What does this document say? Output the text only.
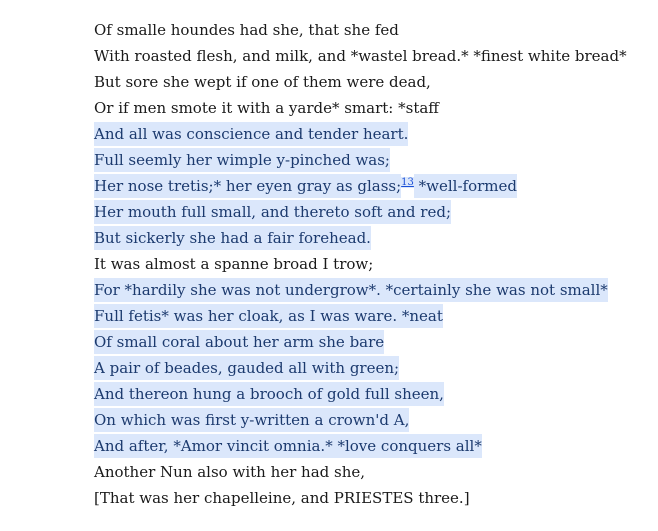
Of smalle houndes had she, that she fed
With roasted flesh, and milk, and *wastel bread.* *finest white bread*
But sore she wept if one of them were dead,
Or if men smote it with a yarde* smart: *staff
And all was conscience and tender heart.
Full seemly her wimple y-pinched was;
Her nose tretis;* her eyen gray as glass;$^{13}$ *well-formed
Her mouth full small, and thereto soft and red;
But sickerly she had a fair forehead.
It was almost a spanne broad I trow;
For *hardily she was not undergrow*. *certainly she was not small*
Full fetis* was her cloak, as I was ware. *neat
Of small coral about her arm she bare
A pair of beades, gauded all with green;
And thereon hung a brooch of gold full sheen,
On which was first y-written a crown'd A,
And after, *Amor vincit omnia.* *love conquers all*
Another Nun also with her had she,
[That was her chapelleine, and PRIESTES three.]
